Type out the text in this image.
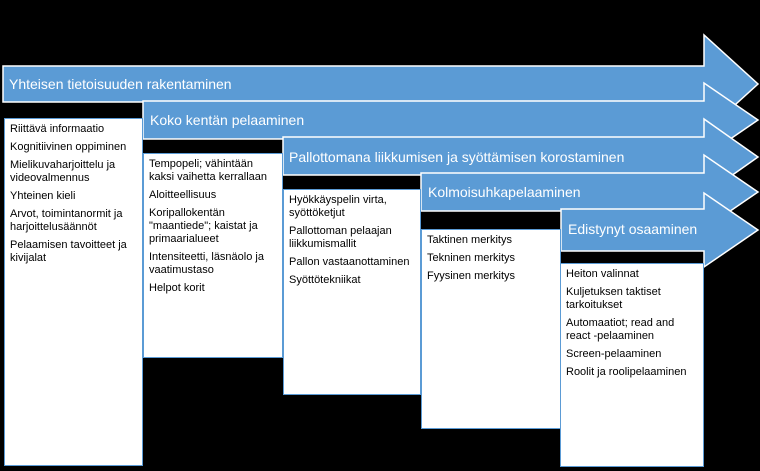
Yhteisen tietoisuuden rakentaminen
Riittävä informaatio
Kognitiivinen oppiminen
Mielikuvaharjoittelu ja videovalmennus
Yhteinen kieli
Arvot, toimintanormit ja harjoittelusäännöt
Pelaamisen tavoitteet ja kivijalat
Koko kentän pelaaminen
Tempopeli; vähintään kaksi vaihetta kerrallaan
Aloitteellisuus
Koripallokentän "maantiede"; kaistat ja primaarialueet
Intensiteetti, läsnäolo ja vaatimustaso
Helpot korit
Pallottomana liikkumisen ja syöttämisen korostaminen
Hyökkäyspelin virta, syöttöketjut
Pallottoman pelaajan liikkumismallit
Pallon vastaanottaminen
Syöttötekniikat
Kolmoisuhkapelaaminen
Taktinen merkitys
Tekninen merkitys
Fyysinen merkitys
Edistynyt osaaminen
Heiton valinnat
Kuljetuksen taktiset tarkoitukset
Automaatiot; read and react -pelaaminen
Screen-pelaaminen
Roolit ja roolipelaaminen
